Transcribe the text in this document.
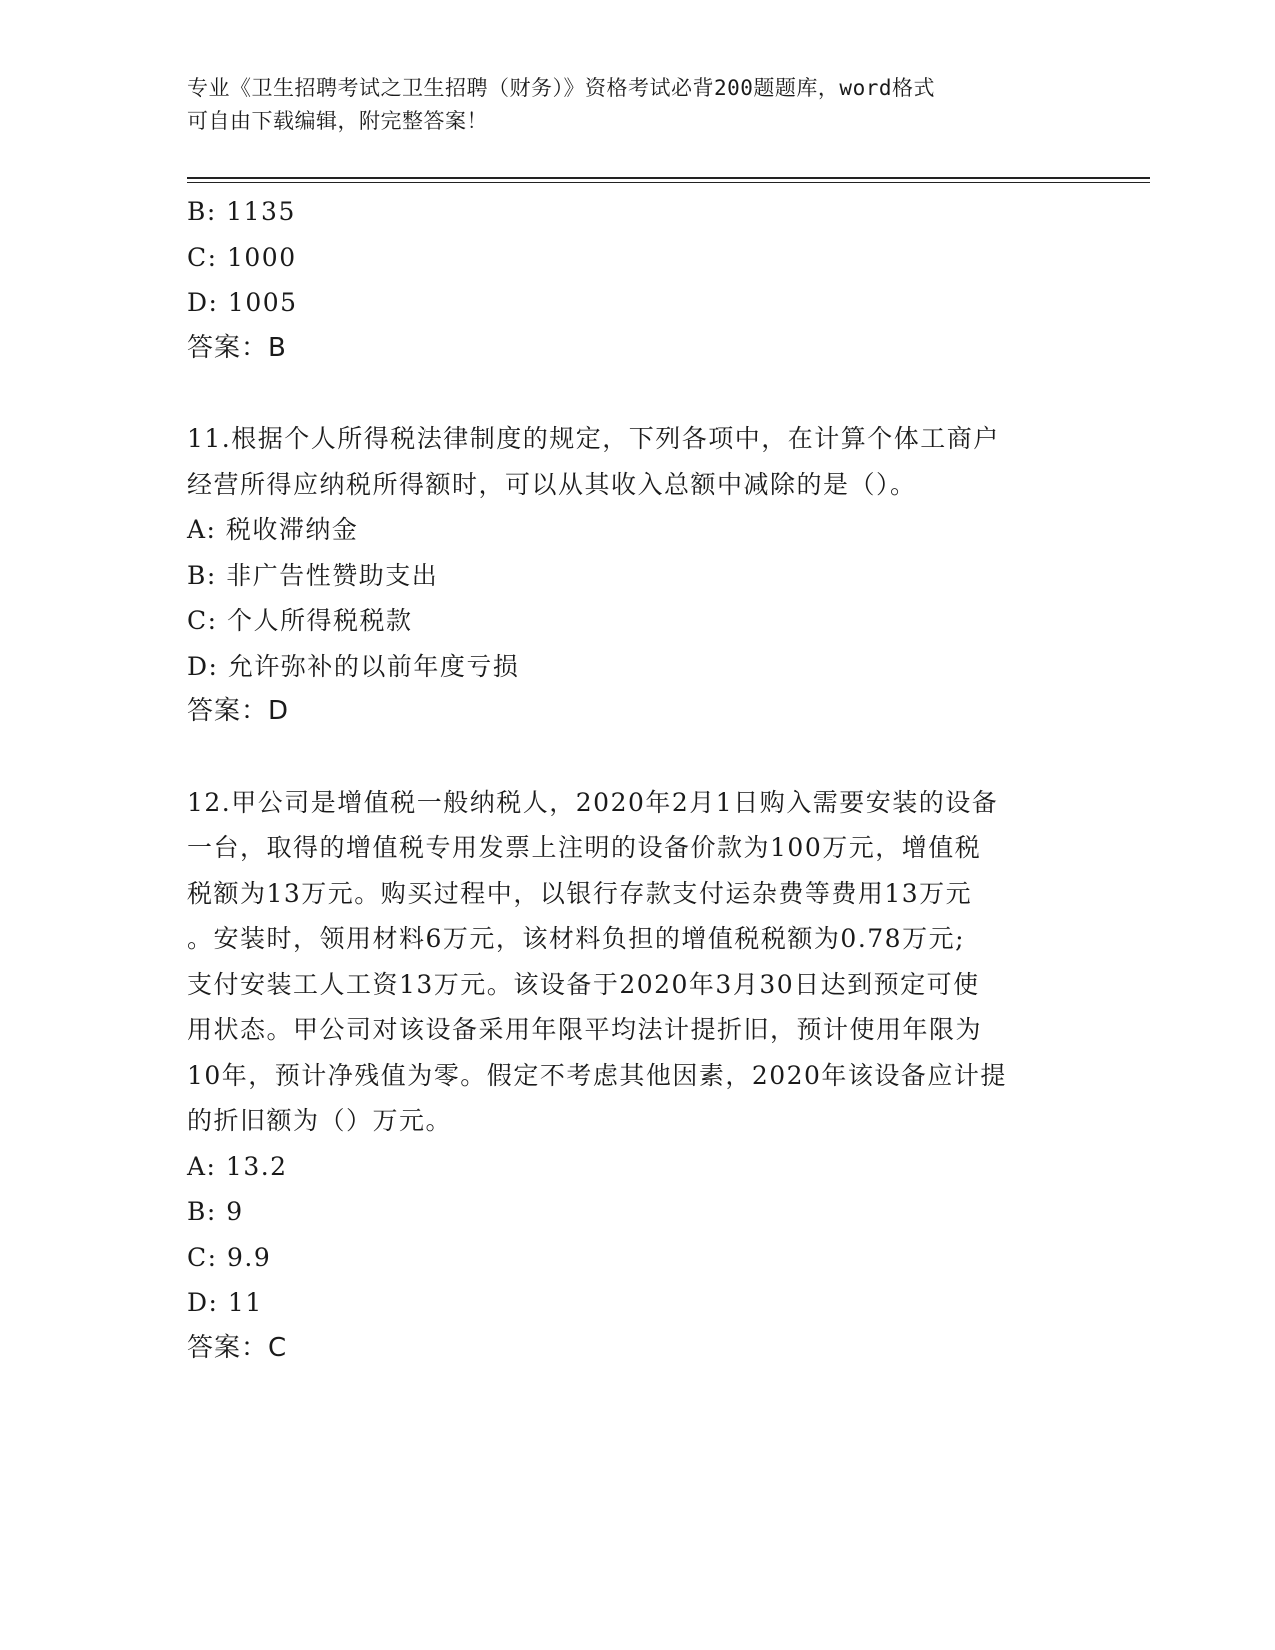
专业《卫生招聘考试之卫生招聘（财务）》资格考试必背200题题库，word格式
可自由下载编辑，附完整答案！
B: 1135
C: 1000
D: 1005
答案：B
11.根据个人所得税法律制度的规定，下列各项中，在计算个体工商户
经营所得应纳税所得额时，可以从其收入总额中减除的是（）。
A: 税收滞纳金
B: 非广告性赞助支出
C: 个人所得税税款
D: 允许弥补的以前年度亏损
答案：D
12.甲公司是增值税一般纳税人，2020年2月1日购入需要安装的设备
一台，取得的增值税专用发票上注明的设备价款为100万元，增值税
税额为13万元。购买过程中，以银行存款支付运杂费等费用13万元
。安装时，领用材料6万元，该材料负担的增值税税额为0.78万元;
支付安装工人工资13万元。该设备于2020年3月30日达到预定可使
用状态。甲公司对该设备采用年限平均法计提折旧，预计使用年限为
10年，预计净残值为零。假定不考虑其他因素，2020年该设备应计提
的折旧额为（）万元。
A: 13.2
B: 9
C: 9.9
D: 11
答案：C
